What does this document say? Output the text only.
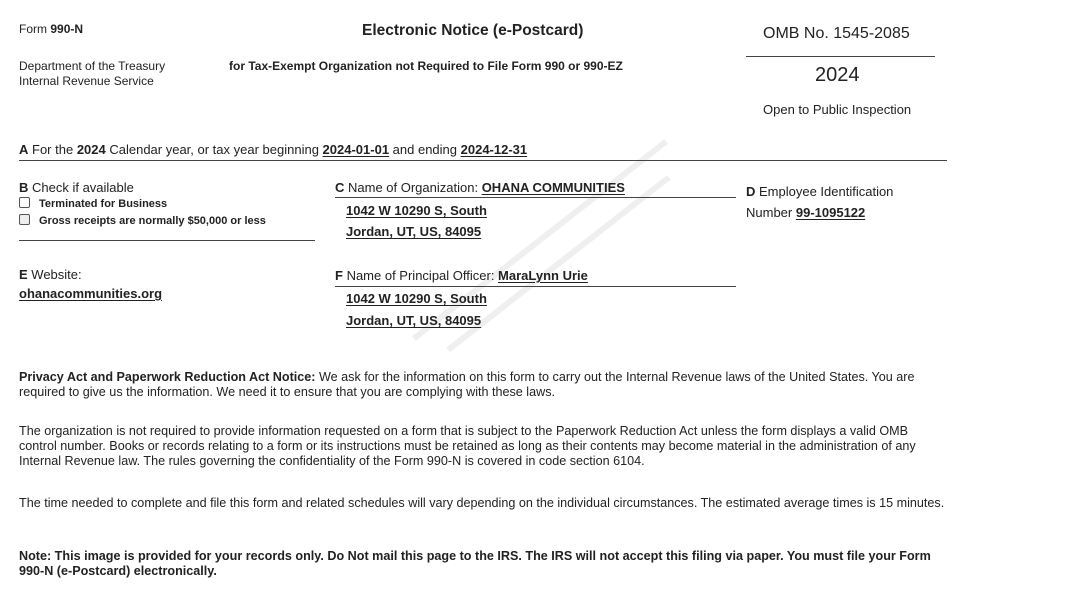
Form 990-N	Electronic Notice (e-Postcard)
for Tax-Exempt Organization not Required to File Form 990 or 990-EZ
Department of the Treasury
Internal Revenue Service
OMB No. 1545-2085
2024
Open to Public Inspection
A For the 2024 Calendar year, or tax year beginning 2024-01-01 and ending 2024-12-31
B Check if available
Terminated for Business
Gross receipts are normally $50,000 or less
C Name of Organization: OHANA COMMUNITIES
1042 W 10290 S, South
Jordan, UT, US, 84095
D Employee Identification
Number 99-1095122
E Website:
ohanacommunities.org
F Name of Principal Officer: MaraLynn Urie
1042 W 10290 S, South
Jordan, UT, US, 84095
Privacy Act and Paperwork Reduction Act Notice: We ask for the information on this form to carry out the Internal Revenue laws of the United States. You are required to give us the information. We need it to ensure that you are complying with these laws.
The organization is not required to provide information requested on a form that is subject to the Paperwork Reduction Act unless the form displays a valid OMB control number. Books or records relating to a form or its instructions must be retained as long as their contents may become material in the administration of any Internal Revenue law. The rules governing the confidentiality of the Form 990-N is covered in code section 6104.
The time needed to complete and file this form and related schedules will vary depending on the individual circumstances. The estimated average times is 15 minutes.
Note: This image is provided for your records only. Do Not mail this page to the IRS. The IRS will not accept this filing via paper. You must file your Form 990-N (e-Postcard) electronically.
